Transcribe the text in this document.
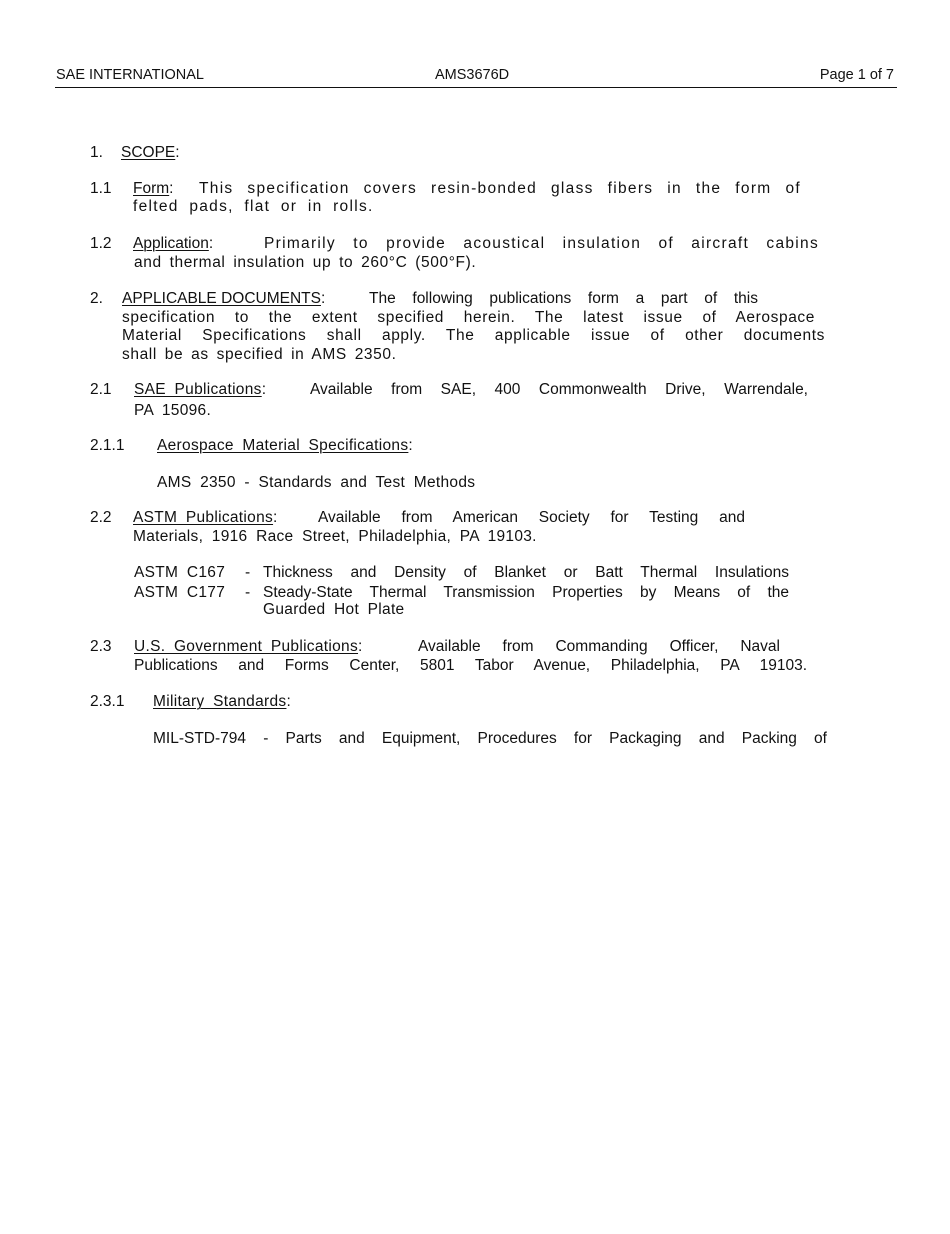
SAE INTERNATIONAL	AMS3676D	Page 1 of 7
1. SCOPE:
1.1 Form: This specification covers resin-bonded glass fibers in the form of
felted pads, flat or in rolls.
1.2 Application:	Primarily to provide acoustical insulation of aircraft cabins
and thermal insulation up to 260°C (500°F).
2. APPLICABLE DOCUMENTS:	The following publications form a part of this
specification to the extent specified herein. The latest issue of Aerospace
Material Specifications shall apply. The applicable issue of other documents
shall be as specified in AMS 2350.
2.1 SAE Publications:	Available from SAE, 400 Commonwealth Drive, Warrendale,
PA 15096.
2.1.1 Aerospace Material Specifications:
AMS 2350 - Standards and Test Methods
2.2 ASTM Publications:	Available from American Society for Testing and
Materials, 1916 Race Street, Philadelphia, PA 19103.
ASTM C167 - Thickness and Density of Blanket or Batt Thermal Insulations
ASTM C177 - Steady-State Thermal Transmission Properties by Means of the
Guarded Hot Plate
2.3 U.S. Government Publications:	Available from Commanding Officer, Naval
Publications and Forms Center, 5801 Tabor Avenue, Philadelphia, PA 19103.
2.3.1 Military Standards:
MIL-STD-794 - Parts and Equipment, Procedures for Packaging and Packing of
